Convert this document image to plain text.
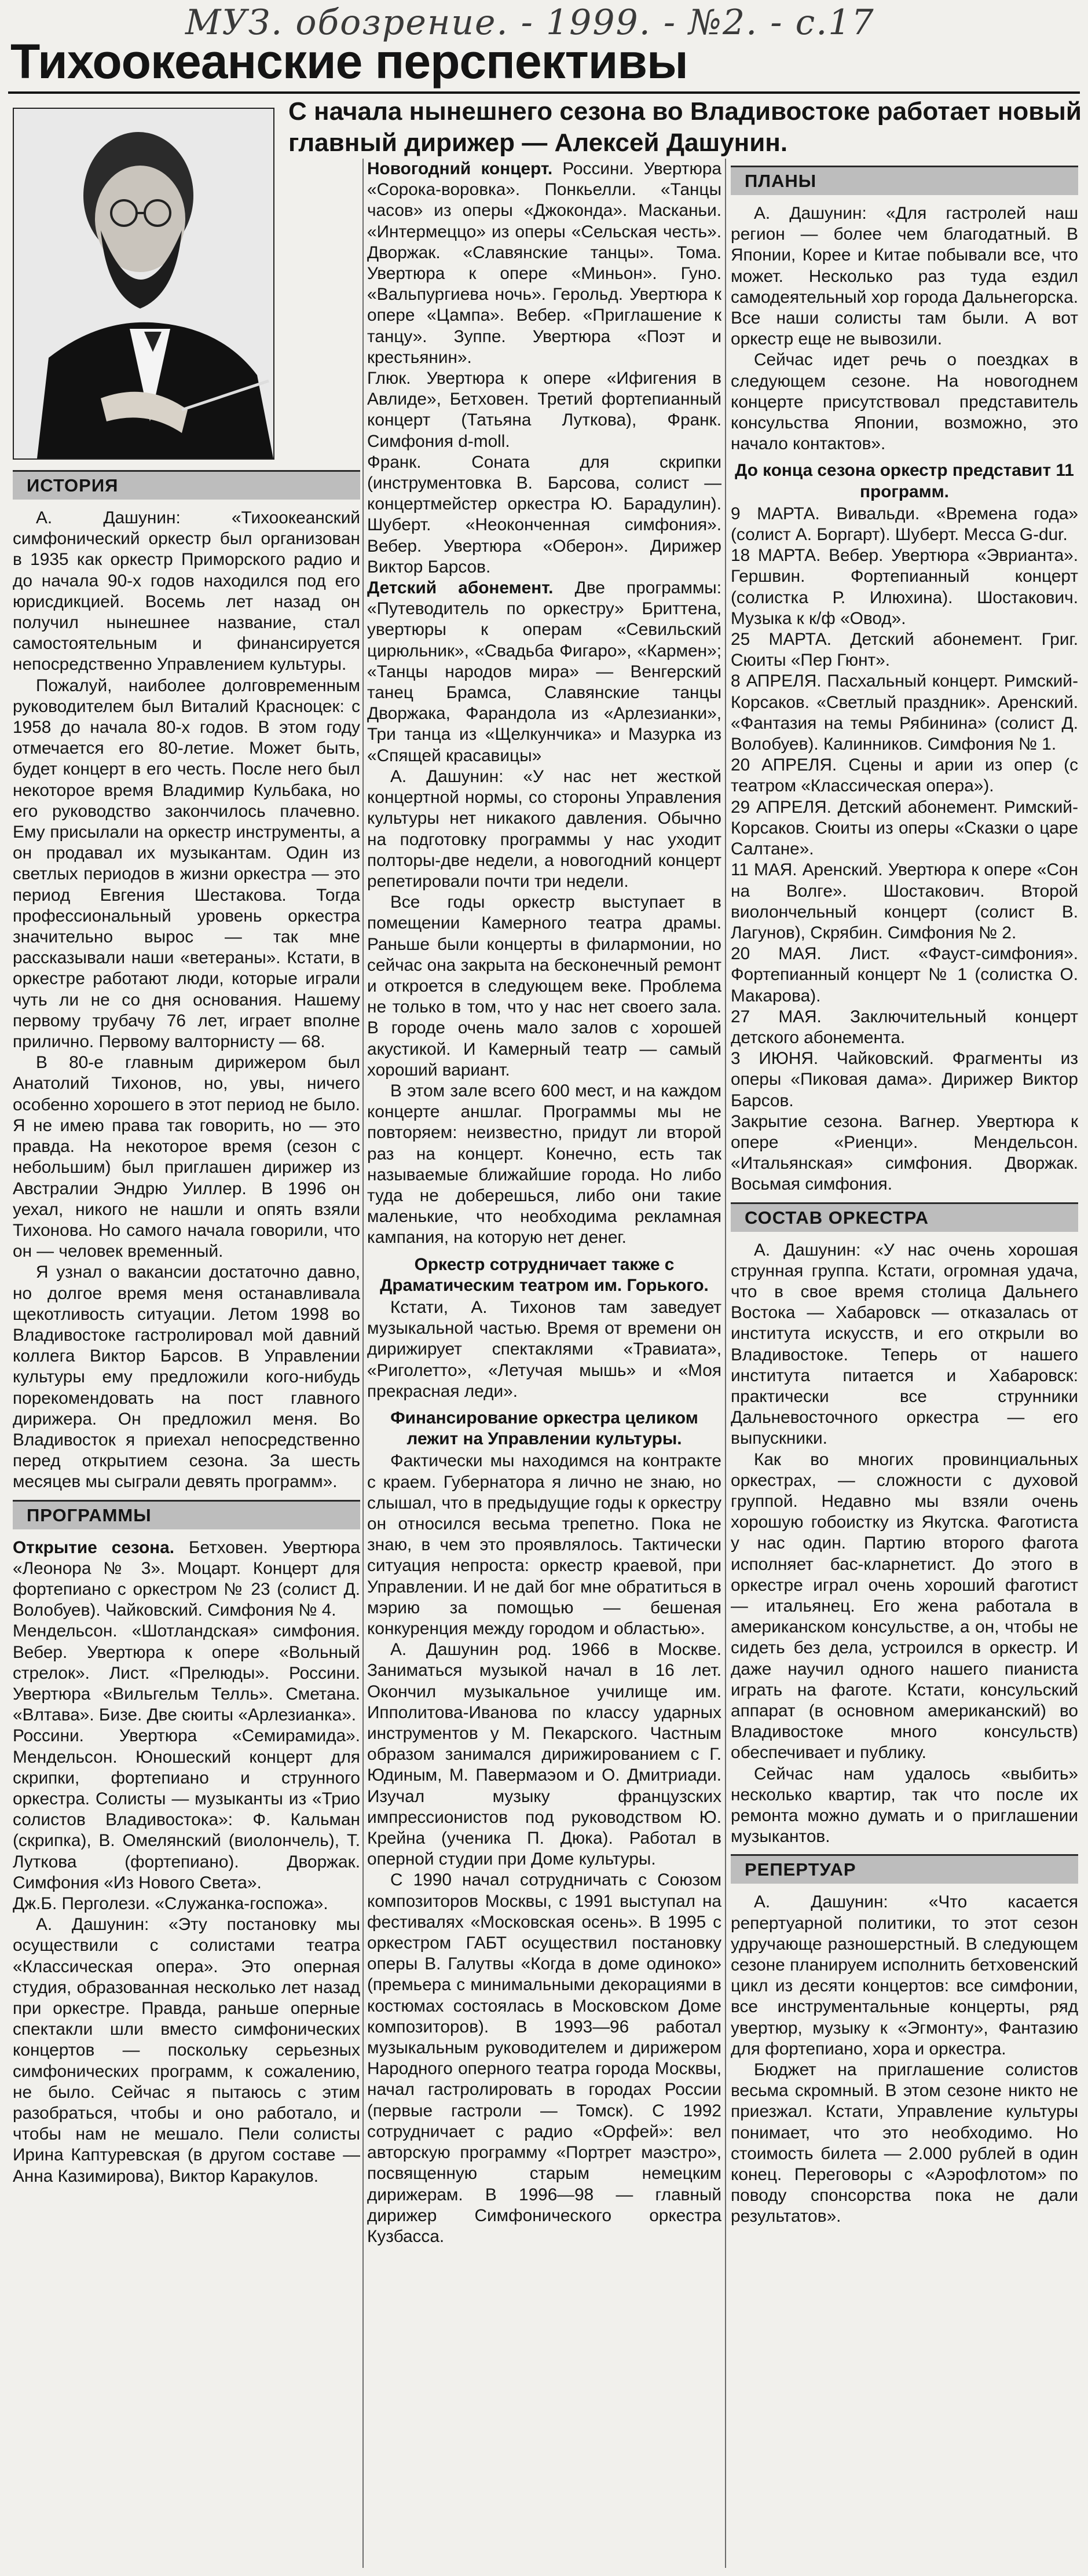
МУЗ. обозрение. - 1999. - №2. - с.17
Тихоокеанские перспективы
С начала нынешнего сезона во Владивостоке работает новый главный дирижер — Алексей Дашунин.
ИСТОРИЯ

А. Дашунин: «Тихоокеанский симфонический оркестр был организован в 1935 как оркестр Приморского радио и до начала 90-х годов находился под его юрисдикцией. Восемь лет назад он получил нынешнее название, стал самостоятельным и финансируется непосредственно Управлением культуры.

Пожалуй, наиболее долговременным руководителем был Виталий Красноцек: с 1958 до начала 80-х годов. В этом году отмечается его 80-летие. Может быть, будет концерт в его честь. После него был некоторое время Владимир Кульбака, но его руководство закончилось плачевно. Ему присылали на оркестр инструменты, а он продавал их музыкантам. Один из светлых периодов в жизни оркестра — это период Евгения Шестакова. Тогда профессиональный уровень оркестра значительно вырос — так мне рассказывали наши «ветераны». Кстати, в оркестре работают люди, которые играли чуть ли не со дня основания. Нашему первому трубачу 76 лет, играет вполне прилично. Первому валторнисту — 68.

В 80-е главным дирижером был Анатолий Тихонов, но, увы, ничего особенно хорошего в этот период не было. Я не имею права так говорить, но — это правда. На некоторое время (сезон с небольшим) был приглашен дирижер из Австралии Эндрю Уиллер. В 1996 он уехал, никого не нашли и опять взяли Тихонова. Но самого начала говорили, что он — человек временный.

Я узнал о вакансии достаточно давно, но долгое время меня останавливала щекотливость ситуации. Летом 1998 во Владивостоке гастролировал мой давний коллега Виктор Барсов. В Управлении культуры ему предложили кого-нибудь порекомендовать на пост главного дирижера. Он предложил меня. Во Владивосток я приехал непосредственно перед открытием сезона. За шесть месяцев мы сыграли девять программ».

ПРОГРАММЫ

Открытие сезона. Бетховен. Увертюра «Леонора № 3». Моцарт. Концерт для фортепиано с оркестром № 23 (солист Д. Волобуев). Чайковский. Симфония № 4.

Мендельсон. «Шотландская» симфония. Вебер. Увертюра к опере «Вольный стрелок». Лист. «Прелюды». Россини. Увертюра «Вильгельм Телль». Сметана. «Влтава». Бизе. Две сюиты «Арлезианка».

Россини. Увертюра «Семирамида». Мендельсон. Юношеский концерт для скрипки, фортепиано и струнного оркестра. Солисты — музыканты из «Трио солистов Владивостока»: Ф. Кальман (скрипка), В. Омелянский (виолончель), Т. Луткова (фортепиано). Дворжак. Симфония «Из Нового Света».

Дж.Б. Перголези. «Служанка-госпожа».

А. Дашунин: «Эту постановку мы осуществили с солистами театра «Классическая опера». Это оперная студия, образованная несколько лет назад при оркестре. Правда, раньше оперные спектакли шли вместо симфонических концертов — поскольку серьезных симфонических программ, к сожалению, не было. Сейчас я пытаюсь с этим разобраться, чтобы и оно работало, и чтобы нам не мешало. Пели солисты Ирина Каптуревская (в другом составе — Анна Казимирова), Виктор Каракулов.

Новогодний концерт. Россини. Увертюра «Сорока-воровка». Понкьелли. «Танцы часов» из оперы «Джоконда». Масканьи. «Интермеццо» из оперы «Сельская честь». Дворжак. «Славянские танцы». Тома. Увертюра к опере «Миньон». Гуно. «Вальпургиева ночь». Герольд. Увертюра к опере «Цампа». Вебер. «Приглашение к танцу». Зуппе. Увертюра «Поэт и крестьянин».

Глюк. Увертюра к опере «Ифигения в Авлиде», Бетховен. Третий фортепианный концерт (Татьяна Луткова), Франк. Симфония d-moll.

Франк. Соната для скрипки (инструментовка В. Барсова, солист — концертмейстер оркестра Ю. Барадулин). Шуберт. «Неоконченная симфония». Вебер. Увертюра «Оберон». Дирижер Виктор Барсов.

Детский абонемент. Две программы: «Путеводитель по оркестру» Бриттена, увертюры к операм «Севильский цирюльник», «Свадьба Фигаро», «Кармен»; «Танцы народов мира» — Венгерский танец Брамса, Славянские танцы Дворжака, Фарандола из «Арлезианки», Три танца из «Щелкунчика» и Мазурка из «Спящей красавицы»

А. Дашунин: «У нас нет жесткой концертной нормы, со стороны Управления культуры нет никакого давления. Обычно на подготовку программы у нас уходит полторы-две недели, а новогодний концерт репетировали почти три недели.

Все годы оркестр выступает в помещении Камерного театра драмы. Раньше были концерты в филармонии, но сейчас она закрыта на бесконечный ремонт и откроется в следующем веке. Проблема не только в том, что у нас нет своего зала. В городе очень мало залов с хорошей акустикой. И Камерный театр — самый хороший вариант.

В этом зале всего 600 мест, и на каждом концерте аншлаг. Программы мы не повторяем: неизвестно, придут ли второй раз на концерт. Конечно, есть так называемые ближайшие города. Но либо туда не доберешься, либо они такие маленькие, что необходима рекламная кампания, на которую нет денег.

Оркестр сотрудничает также с Драматическим театром им. Горького.

Кстати, А. Тихонов там заведует музыкальной частью. Время от времени он дирижирует спектаклями «Травиата», «Риголетто», «Летучая мышь» и «Моя прекрасная леди».

Финансирование оркестра целиком лежит на Управлении культуры.

Фактически мы находимся на контракте с краем. Губернатора я лично не знаю, но слышал, что в предыдущие годы к оркестру он относился весьма трепетно. Пока не знаю, в чем это проявлялось. Тактически ситуация непроста: оркестр краевой, при Управлении. И не дай бог мне обратиться в мэрию за помощью — бешеная конкуренция между городом и областью».

А. Дашунин род. 1966 в Москве. Заниматься музыкой начал в 16 лет. Окончил музыкальное училище им. Ипполитова-Иванова по классу ударных инструментов у М. Пекарского. Частным образом занимался дирижированием с Г. Юдиным, М. Павермаэом и О. Дмитриади. Изучал музыку французских импрессионистов под руководством Ю. Крейна (ученика П. Дюка). Работал в оперной студии при Доме культуры.

С 1990 начал сотрудничать с Союзом композиторов Москвы, с 1991 выступал на фестивалях «Московская осень». В 1995 с оркестром ГАБТ осуществил постановку оперы В. Галутвы «Когда в доме одиноко» (премьера с минимальными декорациями в костюмах состоялась в Московском Доме композиторов). В 1993—96 работал музыкальным руководителем и дирижером Народного оперного театра города Москвы, начал гастролировать в городах России (первые гастроли — Томск). С 1992 сотрудничает с радио «Орфей»: вел авторскую программу «Портрет маэстро», посвященную старым немецким дирижерам. В 1996—98 — главный дирижер Симфонического оркестра Кузбасса.

ПЛАНЫ

А. Дашунин: «Для гастролей наш регион — более чем благодатный. В Японии, Корее и Китае побывали все, что может. Несколько раз туда ездил самодеятельный хор города Дальнегорска. Все наши солисты там были. А вот оркестр еще не вывозили.

Сейчас идет речь о поездках в следующем сезоне. На новогоднем концерте присутствовал представитель консульства Японии, возможно, это начало контактов».

До конца сезона оркестр представит 11 программ.

9 МАРТА. Вивальди. «Времена года» (солист А. Боргарт). Шуберт. Месса G-dur.

18 МАРТА. Вебер. Увертюра «Эврианта». Гершвин. Фортепианный концерт (солистка Р. Илюхина). Шостакович. Музыка к к/ф «Овод».

25 МАРТА. Детский абонемент. Григ. Сюиты «Пер Гюнт».

8 АПРЕЛЯ. Пасхальный концерт. Римский-Корсаков. «Светлый праздник». Аренский. «Фантазия на темы Рябинина» (солист Д. Волобуев). Калинников. Симфония № 1.

20 АПРЕЛЯ. Сцены и арии из опер (с театром «Классическая опера»).

29 АПРЕЛЯ. Детский абонемент. Римский-Корсаков. Сюиты из оперы «Сказки о царе Салтане».

11 МАЯ. Аренский. Увертюра к опере «Сон на Волге». Шостакович. Второй виолончельный концерт (солист В. Лагунов), Скрябин. Симфония № 2.

20 МАЯ. Лист. «Фауст-симфония». Фортепианный концерт № 1 (солистка О. Макарова).

27 МАЯ. Заключительный концерт детского абонемента.

3 ИЮНЯ. Чайковский. Фрагменты из оперы «Пиковая дама». Дирижер Виктор Барсов.

Закрытие сезона. Вагнер. Увертюра к опере «Риенци». Мендельсон. «Итальянская» симфония. Дворжак. Восьмая симфония.

СОСТАВ ОРКЕСТРА

А. Дашунин: «У нас очень хорошая струнная группа. Кстати, огромная удача, что в свое время столица Дальнего Востока — Хабаровск — отказалась от института искусств, и его открыли во Владивостоке. Теперь от нашего института питается и Хабаровск: практически все струнники Дальневосточного оркестра — его выпускники.

Как во многих провинциальных оркестрах, — сложности с духовой группой. Недавно мы взяли очень хорошую гобоистку из Якутска. Фаготиста у нас один. Партию второго фагота исполняет бас-кларнетист. До этого в оркестре играл очень хороший фаготист — итальянец. Его жена работала в американском консульстве, а он, чтобы не сидеть без дела, устроился в оркестр. И даже научил одного нашего пианиста играть на фаготе. Кстати, консульский аппарат (в основном американский) во Владивостоке много консульств) обеспечивает и публику.

Сейчас нам удалось «выбить» несколько квартир, так что после их ремонта можно думать и о приглашении музыкантов.

РЕПЕРТУАР

А. Дашунин: «Что касается репертуарной политики, то этот сезон удручающе разношерстный. В следующем сезоне планируем исполнить бетховенский цикл из десяти концертов: все симфонии, все инструментальные концерты, ряд увертюр, музыку к «Эгмонту», Фантазию для фортепиано, хора и оркестра.

Бюджет на приглашение солистов весьма скромный. В этом сезоне никто не приезжал. Кстати, Управление культуры понимает, что это необходимо. Но стоимость билета — 2.000 рублей в один конец. Переговоры с «Аэрофлотом» по поводу спонсорства пока не дали результатов».
